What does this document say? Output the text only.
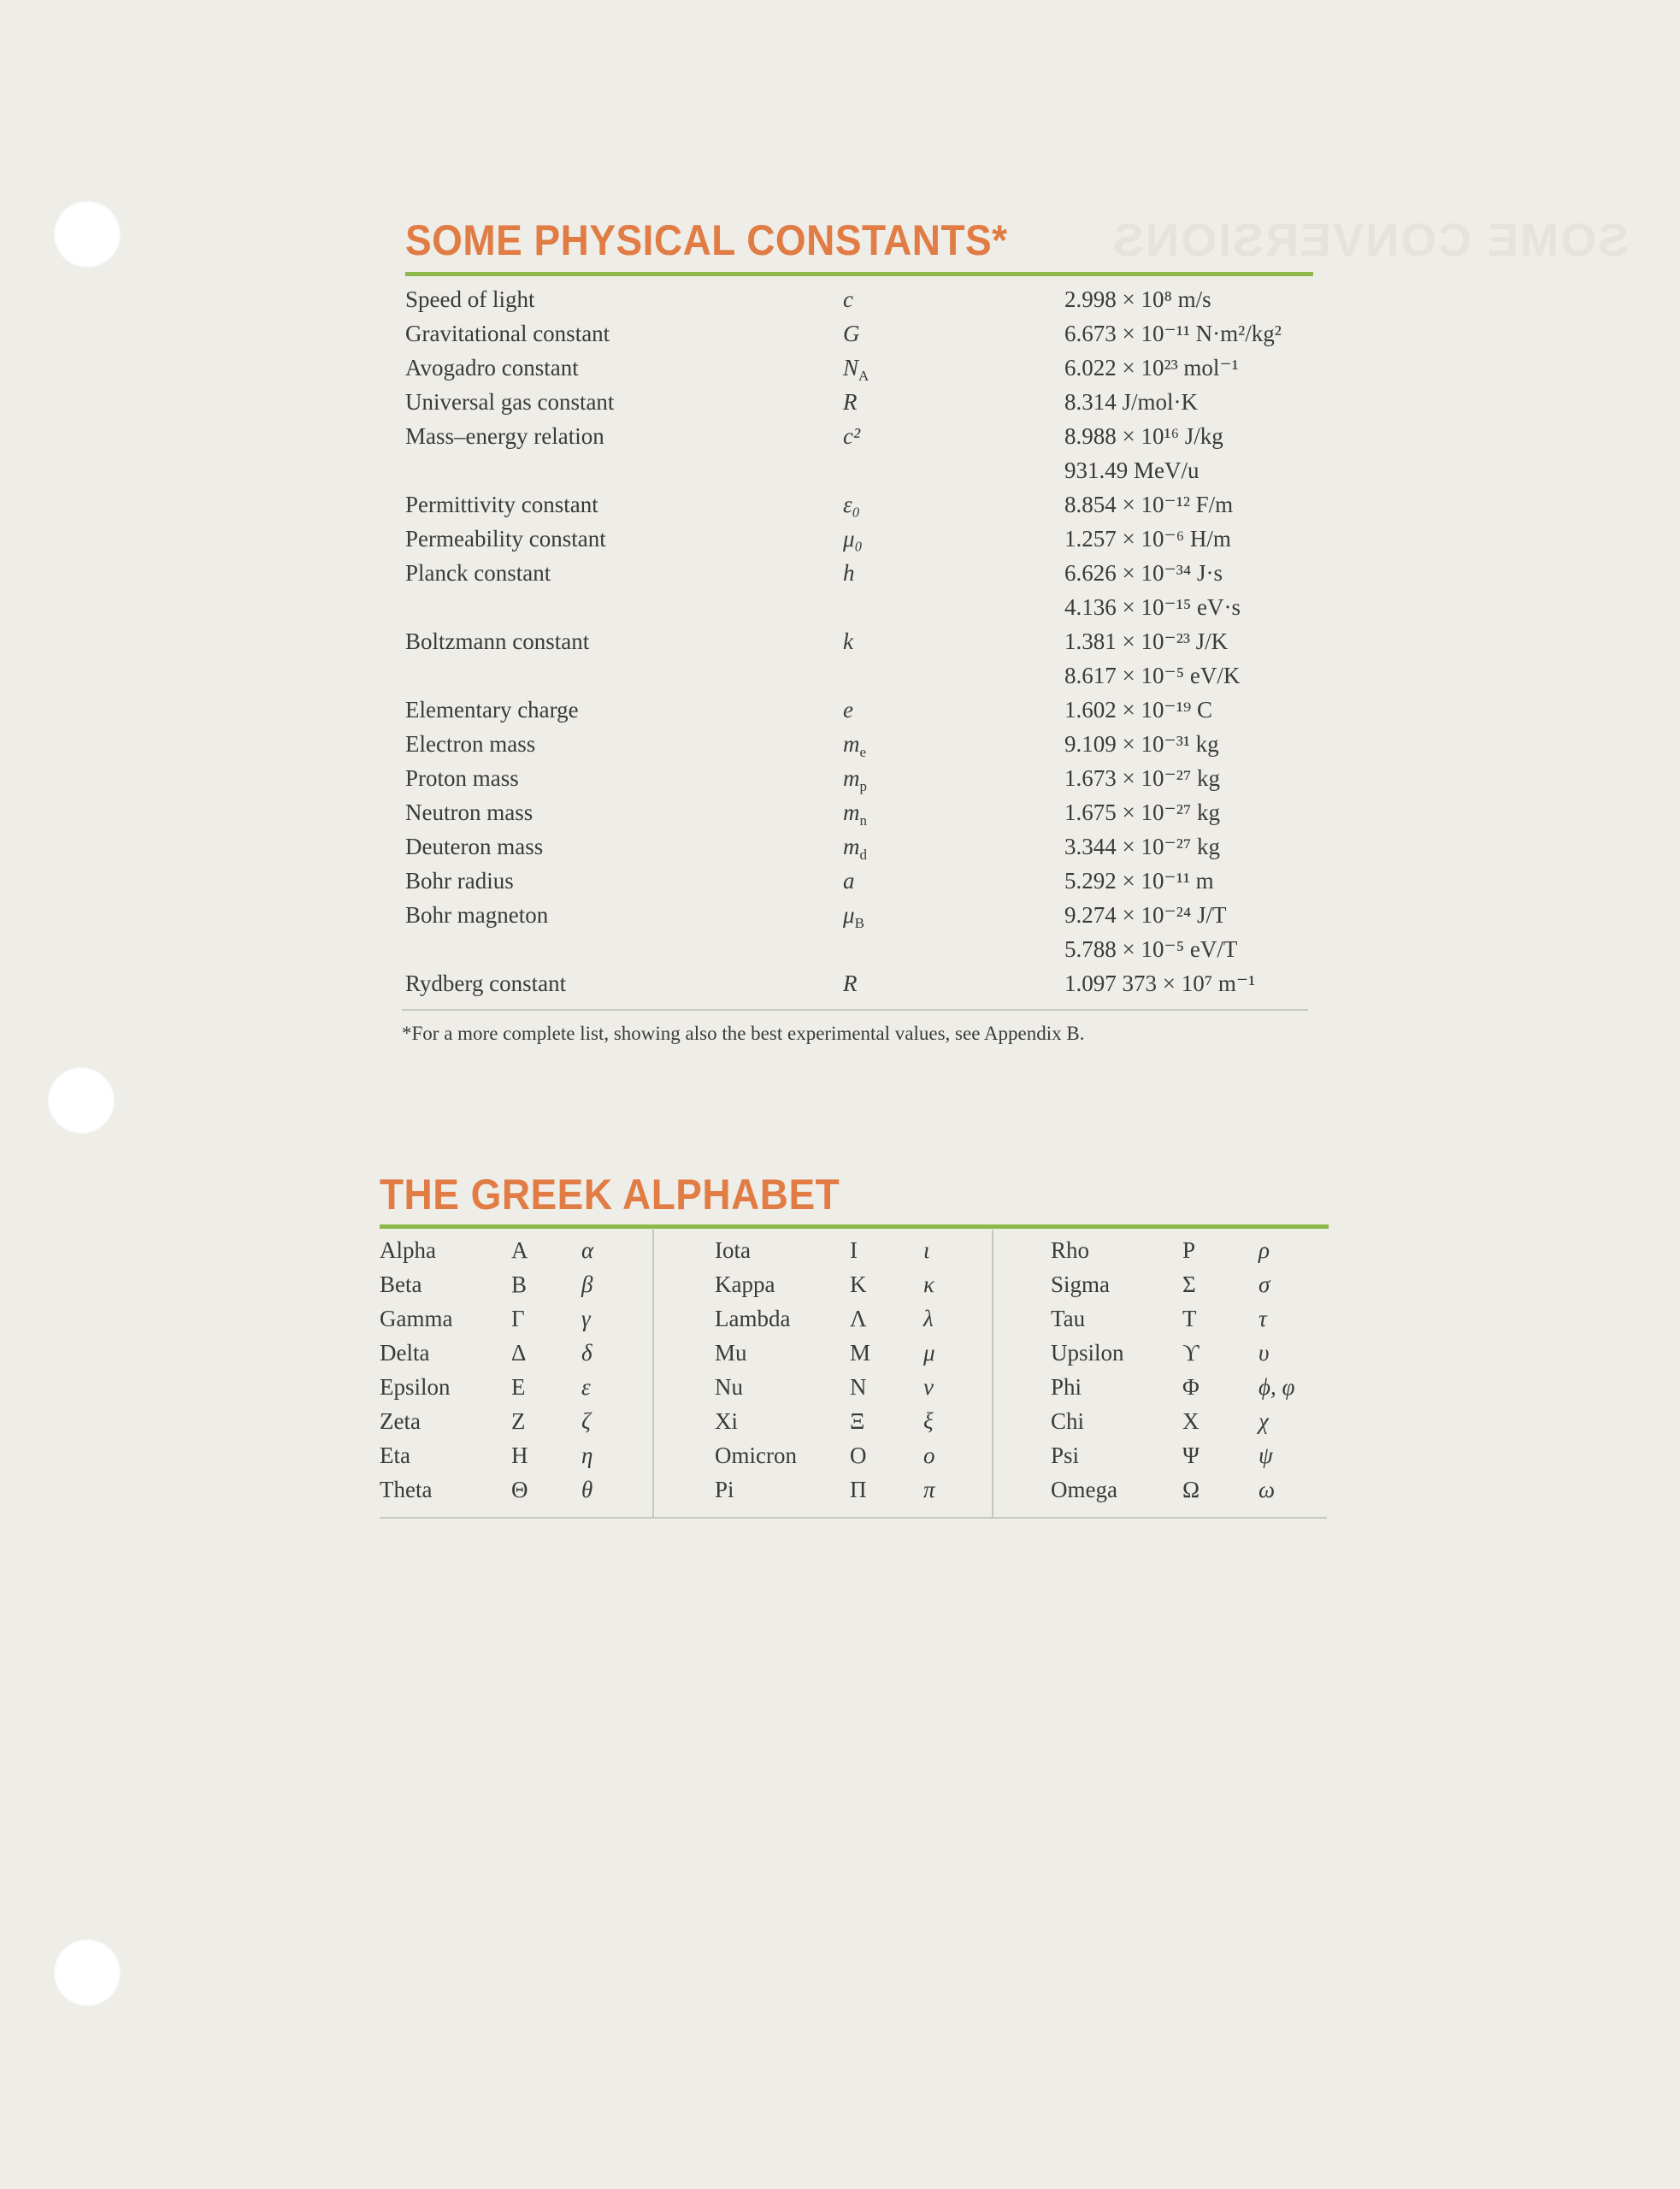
SOME CONVERSIONS
SOME PHYSICAL CONSTANTS*
Speed of light	c	2.998 × 10⁸ m/s
Gravitational constant	G	6.673 × 10⁻¹¹ N·m²/kg²
Avogadro constant	$N_A$	6.022 × 10²³ mol⁻¹
Universal gas constant	R	8.314 J/mol·K
Mass–energy relation	c²	8.988 × 10¹⁶ J/kg
931.49 MeV/u
Permittivity constant	ε₀	8.854 × 10⁻¹² F/m
Permeability constant	μ₀	1.257 × 10⁻⁶ H/m
Planck constant	h	6.626 × 10⁻³⁴ J·s
4.136 × 10⁻¹⁵ eV·s
Boltzmann constant	k	1.381 × 10⁻²³ J/K
8.617 × 10⁻⁵ eV/K
Elementary charge	e	1.602 × 10⁻¹⁹ C
Electron mass	$m_e$	9.109 × 10⁻³¹ kg
Proton mass	$m_p$	1.673 × 10⁻²⁷ kg
Neutron mass	$m_n$	1.675 × 10⁻²⁷ kg
Deuteron mass	$m_d$	3.344 × 10⁻²⁷ kg
Bohr radius	a	5.292 × 10⁻¹¹ m
Bohr magneton	$\mu_B$	9.274 × 10⁻²⁴ J/T
5.788 × 10⁻⁵ eV/T
Rydberg constant	R	1.097 373 × 10⁷ m⁻¹
*For a more complete list, showing also the best experimental values, see Appendix B.
THE GREEK ALPHABET
Alpha	Α α
Beta	Β β
Gamma	Γ γ
Delta	Δ δ
Epsilon	Ε ε
Zeta	Ζ ζ
Eta	Η η
Theta	Θ θ
Iota	Ι	ι
Kappa	Κ κ
Lambda	Λ λ
Mu	Μ μ
Nu	Ν ν
Xi	Ξ	ξ
Omicron Ο ο
Pi	Π π
Rho	Ρ	ρ
Sigma	Σ	σ
Tau	Τ	τ
Upsilon	ϒ	υ
Phi	Φ	ϕ, φ
Chi	Χ	χ
Psi	Ψ	ψ
Omega	Ω	ω
